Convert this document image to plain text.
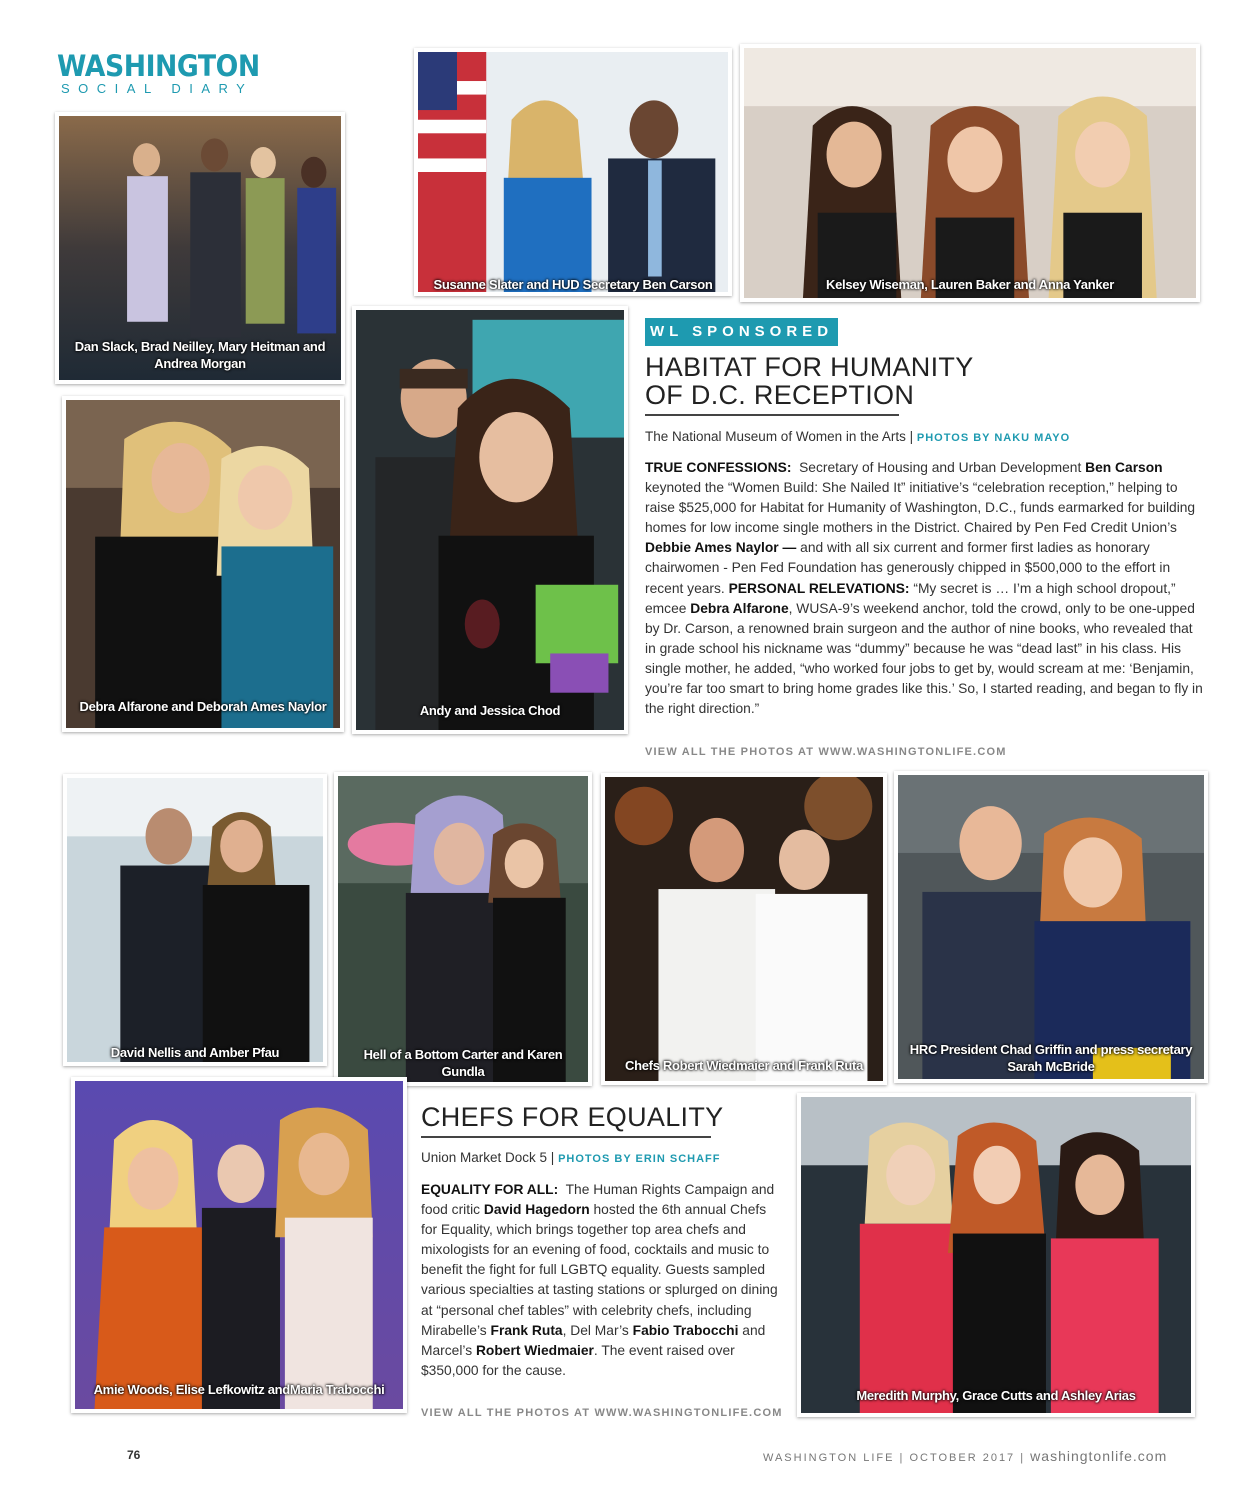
WASHINGTON
SOCIAL DIARY
Dan Slack, Brad Neilley, Mary Heitman and Andrea Morgan
Susanne Slater and HUD Secretary Ben Carson	Kelsey Wiseman, Lauren Baker and Anna Yanker
Debra Alfarone and Deborah Ames Naylor	Andy and Jessica Chod
WL SPONSORED
HABITAT FOR HUMANITY
OF D.C. RECEPTION
The National Museum of Women in the Arts | PHOTOS BY NAKU MAYO
TRUE CONFESSIONS:  Secretary of Housing and Urban Development Ben Carson keynoted the “Women Build: She Nailed It” initiative’s “celebration reception,” helping to raise $525,000 for Habitat for Humanity of Washington, D.C., funds earmarked for building homes for low income single mothers in the District. Chaired by Pen Fed Credit Union’s Debbie Ames Naylor — and with all six current and former first ladies as honorary chairwomen - Pen Fed Foundation has generously chipped in $500,000 to the effort in recent years. PERSONAL RELEVATIONS: “My secret is … I’m a high school dropout,” emcee Debra Alfarone, WUSA-9’s weekend anchor, told the crowd, only to be one-upped by Dr. Carson, a renowned brain surgeon and the author of nine books, who revealed that in grade school his nickname was “dummy” because he was “dead last” in his class. His single mother, he added, “who worked four jobs to get by, would scream at me: ‘Benjamin, you’re far too smart to bring home grades like this.’ So, I started reading, and began to fly in the right direction.”
VIEW ALL THE PHOTOS AT WWW.WASHINGTONLIFE.COM
David Nellis and Amber Pfau	Hell of a Bottom Carter and Karen Gundla	Chefs Robert Wiedmaier and Frank Ruta
HRC President Chad Griffin and press secretary Sarah McBride
Amie Woods, Elise Lefkowitz andMaria Trabocchi
CHEFS FOR EQUALITY
Union Market Dock 5 | PHOTOS BY ERIN SCHAFF
EQUALITY FOR ALL:  The Human Rights Campaign and food critic David Hagedorn hosted the 6th annual Chefs for Equality, which brings together top area chefs and mixologists for an evening of food, cocktails and music to benefit the fight for full LGBTQ equality. Guests sampled various specialties at tasting stations or splurged on dining at “personal chef tables” with celebrity chefs, including Mirabelle’s Frank Ruta, Del Mar’s Fabio Trabocchi and Marcel’s Robert Wiedmaier. The event raised over $350,000 for the cause.
VIEW ALL THE PHOTOS AT WWW.WASHINGTONLIFE.COM
Meredith Murphy, Grace Cutts and Ashley Arias
76	WASHINGTON LIFE | OCTOBER 2017 | washingtonlife.com
